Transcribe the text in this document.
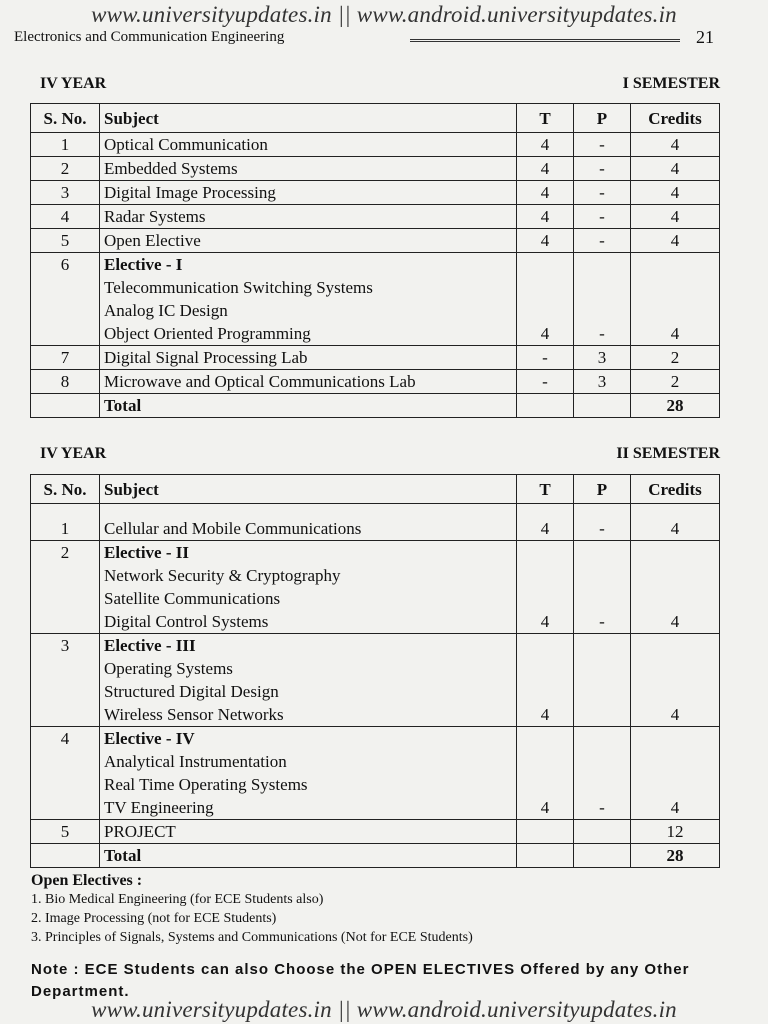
www.universityupdates.in || www.android.universityupdates.in
Electronics and Communication Engineering	21
IV YEAR	I SEMESTER
S. No.	Subject	T	P	Credits
1	Optical Communication	4	-	4
2	Embedded Systems	4	-	4
3	Digital Image Processing	4	-	4
4	Radar Systems	4	-	4
5	Open Elective	4	-	4
6	Elective - I
Telecommunication Switching Systems
Analog IC Design
Object Oriented Programming	4	-	4
7	Digital Signal Processing Lab	-	3	2
8	Microwave and Optical Communications Lab	-	3	2
	Total			28
IV YEAR	II SEMESTER
S. No.	Subject	T	P	Credits
1	Cellular and Mobile Communications	4	-	4
2	Elective - II
Network Security & Cryptography
Satellite Communications
Digital Control Systems	4	-	4
3	Elective - III
Operating Systems
Structured Digital Design
Wireless Sensor Networks	4		4
4	Elective - IV
Analytical Instrumentation
Real Time Operating Systems
TV Engineering	4	-	4
5	PROJECT			12
	Total			28
Open Electives :
1. Bio Medical Engineering (for ECE Students also)
2. Image Processing (not for ECE Students)
3. Principles of Signals, Systems and Communications (Not for ECE Students)
Note : ECE Students can also Choose the OPEN ELECTIVES Offered by any Other Department.
www.universityupdates.in || www.android.universityupdates.in
